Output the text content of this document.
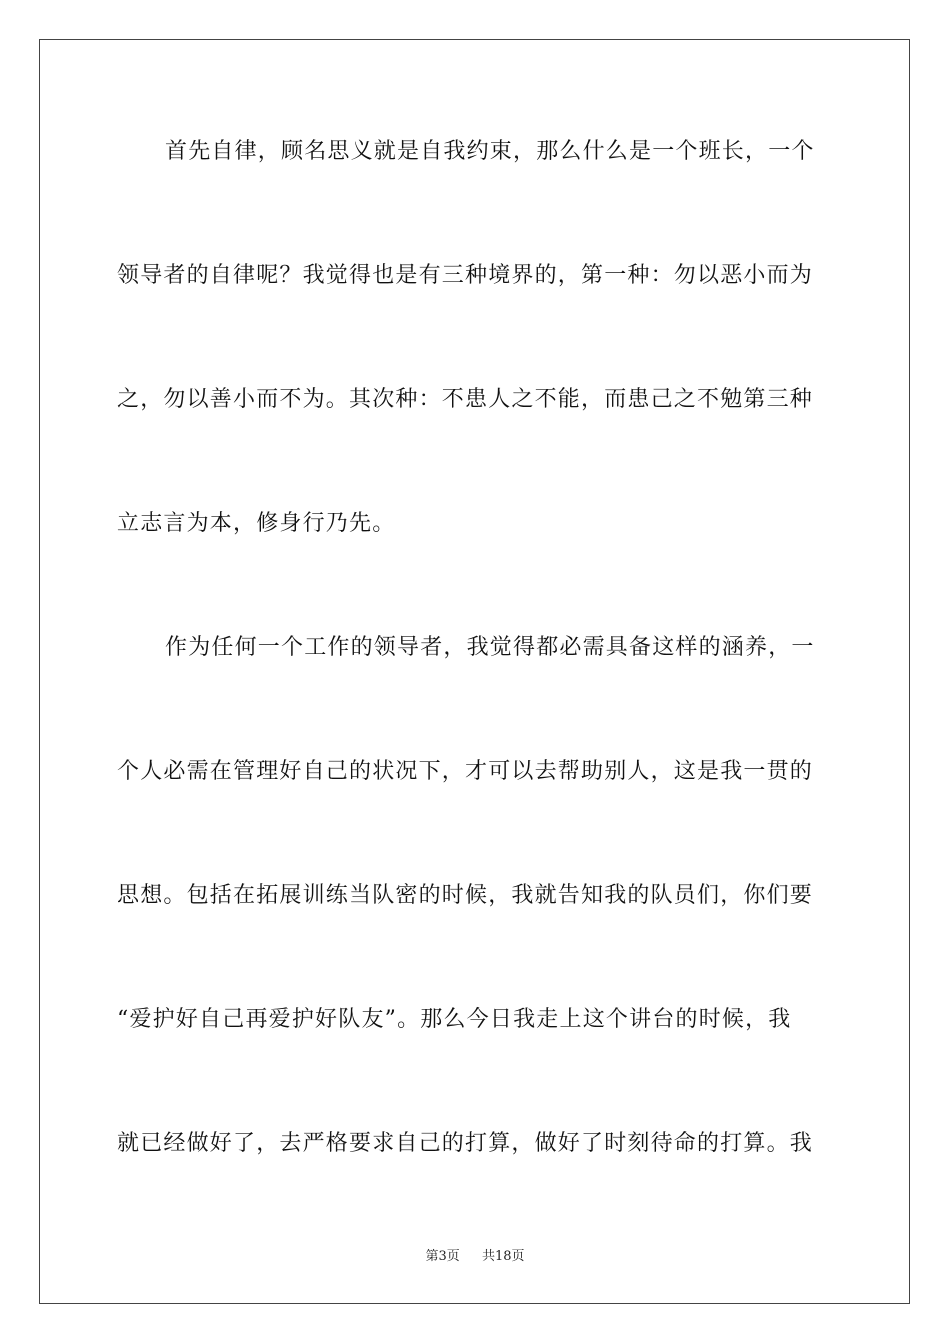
首先自律，顾名思义就是自我约束，那么什么是一个班长，一个
领导者的自律呢？我觉得也是有三种境界的，第一种：勿以恶小而为
之，勿以善小而不为。其次种：不患人之不能，而患己之不勉第三种
立志言为本，修身行乃先。
作为任何一个工作的领导者，我觉得都必需具备这样的涵养，一
个人必需在管理好自己的状况下，才可以去帮助别人，这是我一贯的
思想。包括在拓展训练当队密的时候，我就告知我的队员们，你们要
“爱护好自己再爱护好队友”。那么今日我走上这个讲台的时候，我
就已经做好了，去严格要求自己的打算，做好了时刻待命的打算。我
第3页 共18页
